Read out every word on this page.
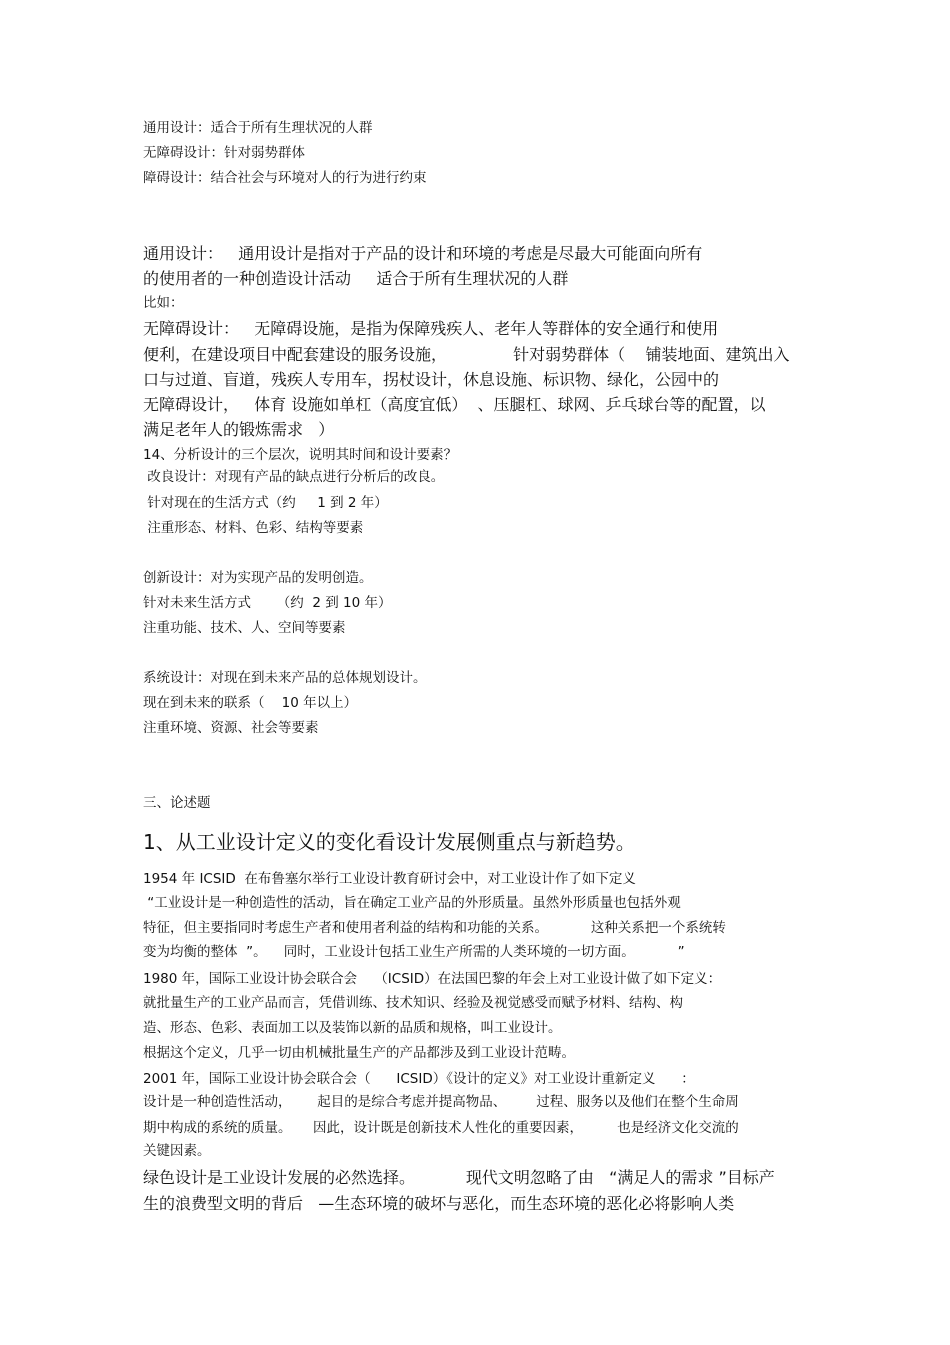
通用设计：适合于所有生理状况的人群
无障碍设计：针对弱势群体
障碍设计：结合社会与环境对人的行为进行约束
通用设计：   通用设计是指对于产品的设计和环境的考虑是尽最大可能面向所有
的使用者的一种创造设计活动     适合于所有生理状况的人群
比如：
无障碍设计：   无障碍设施，是指为保障残疾人、老年人等群体的安全通行和使用
便利，在建设项目中配套建设的服务设施，             针对弱势群体（    铺装地面、建筑出入
口与过道、盲道，残疾人专用车，拐杖设计，休息设施、标识物、绿化，公园中的
无障碍设计，   体育 设施如单杠（高度宜低）  、压腿杠、球网、乒乓球台等的配置，以
满足老年人的锻炼需求   ）
14、分析设计的三个层次，说明其时间和设计要素？
改良设计：对现有产品的缺点进行分析后的改良。
针对现在的生活方式（约     1 到 2 年）
注重形态、材料、色彩、结构等要素
创新设计：对为实现产品的发明创造。
针对未来生活方式      （约  2 到 10 年）
注重功能、技术、人、空间等要素
系统设计：对现在到未来产品的总体规划设计。
现在到未来的联系（    10 年以上）
注重环境、资源、社会等要素
三、论述题
1、从工业设计定义的变化看设计发展侧重点与新趋势。
1954 年 ICSID  在布鲁塞尔举行工业设计教育研讨会中，对工业设计作了如下定义
“工业设计是一种创造性的活动，旨在确定工业产品的外形质量。虽然外形质量也包括外观
特征，但主要指同时考虑生产者和使用者利益的结构和功能的关系。          这种关系把一个系统转
变为均衡的整体  ”。    同时，工业设计包括工业生产所需的人类环境的一切方面。          ”
1980 年，国际工业设计协会联合会    （ICSID）在法国巴黎的年会上对工业设计做了如下定义：
就批量生产的工业产品而言，凭借训练、技术知识、经验及视觉感受而赋予材料、结构、构
造、形态、色彩、表面加工以及装饰以新的品质和规格，叫工业设计。
根据这个定义，几乎一切由机械批量生产的产品都涉及到工业设计范畴。
2001 年，国际工业设计协会联合会（      ICSID）《设计的定义》对工业设计重新定义      ：
设计是一种创造性活动，      起目的是综合考虑并提高物品、       过程、服务以及他们在整个生命周
期中构成的系统的质量。     因此，设计既是创新技术人性化的重要因素，        也是经济文化交流的
关键因素。
绿色设计是工业设计发展的必然选择。          现代文明忽略了由   “满足人的需求 ”目标产
生的浪费型文明的背后   —生态环境的破坏与恶化，而生态环境的恶化必将影响人类
